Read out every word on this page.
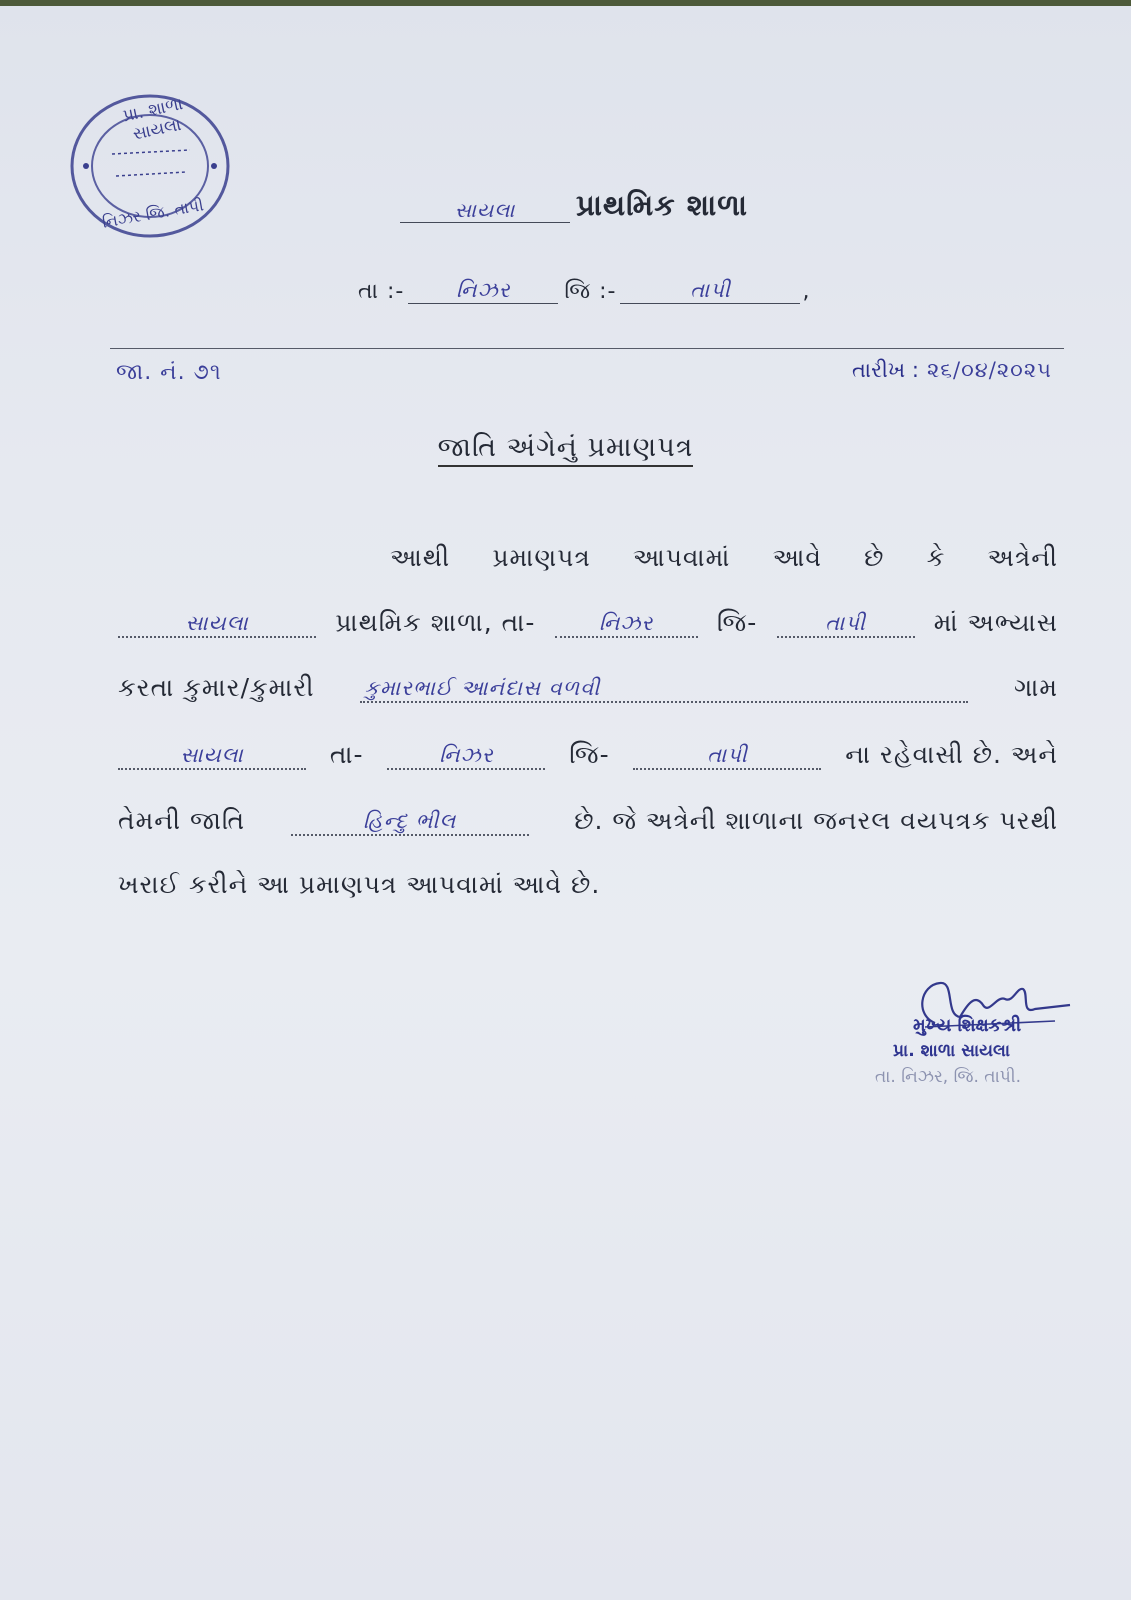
પ્રા. શાળા સાયલા
નિઝર જિ. તાપી	સાયલા	પ્રાથમિક શાળા
તા :-	નિઝર	જિ :-	તાપી	,
જા. નં. ૭૧	તારીખ : ૨૬/૦૪/૨૦૨૫
જાતિ અંગેનું પ્રમાણપત્ર
આથી પ્રમાણપત્ર આપવામાં આવે છે કે અત્રેની
સાયલા	પ્રાથમિક શાળા, તા-	નિઝર	જિ-	તાપી	માં અભ્યાસ
કરતા કુમાર/કુમારી કુમારભાઈ આનંદાસ વળવી	ગામ
સાયલા	તા-	નિઝર	જિ-	તાપી	ના રહેવાસી છે. અને
તેમની જાતિ	હિન્દુ ભીલ	છે. જે અત્રેની શાળાના જનરલ વયપત્રક પરથી
ખરાઈ કરીને આ પ્રમાણપત્ર આપવામાં આવે છે.
મુખ્ય શિક્ષકશ્રી
પ્રા. શાળા સાયલા
તા. નિઝર, જિ. તાપી.
